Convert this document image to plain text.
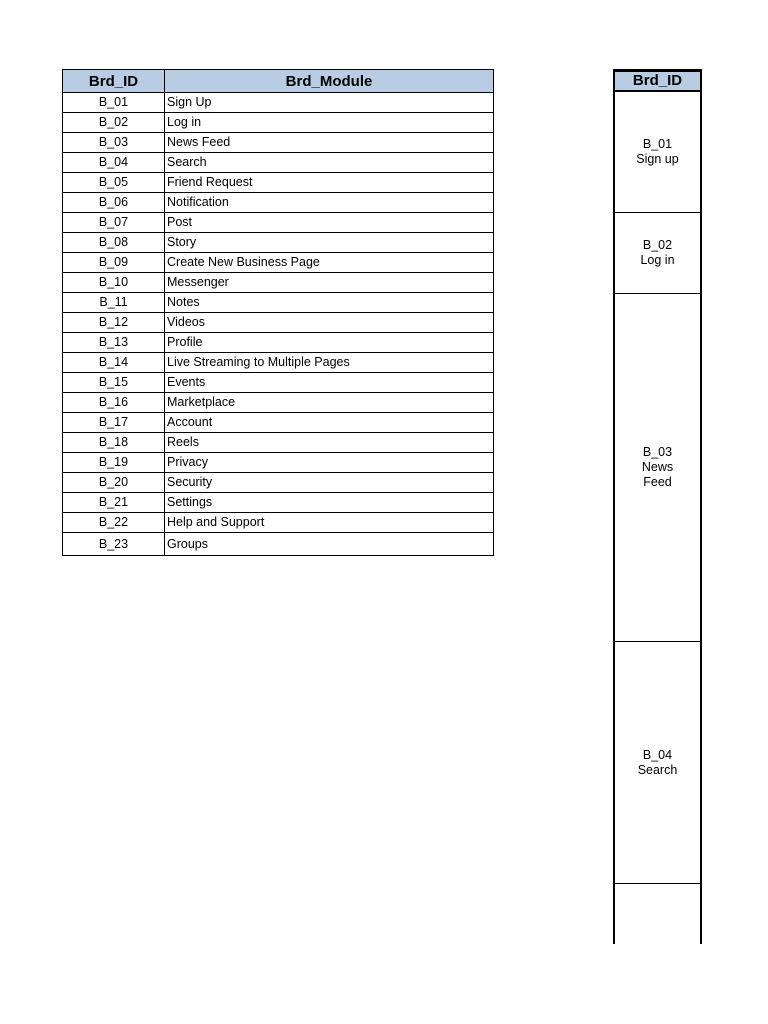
Brd_ID	Brd_Module
B_01	Sign Up
B_02	Log in
B_03	News Feed
B_04	Search
B_05	Friend Request
B_06	Notification
B_07	Post
B_08	Story
B_09	Create New Business Page
B_10	Messenger
B_11	Notes
B_12	Videos
B_13	Profile
B_14	Live Streaming to Multiple Pages
B_15	Events
B_16	Marketplace
B_17	Account
B_18	Reels
B_19	Privacy
B_20	Security
B_21	Settings
B_22	Help and Support
B_23	Groups
Brd_ID
B_01
Sign up
B_02
Log in
B_03
News
Feed
B_04
Search
